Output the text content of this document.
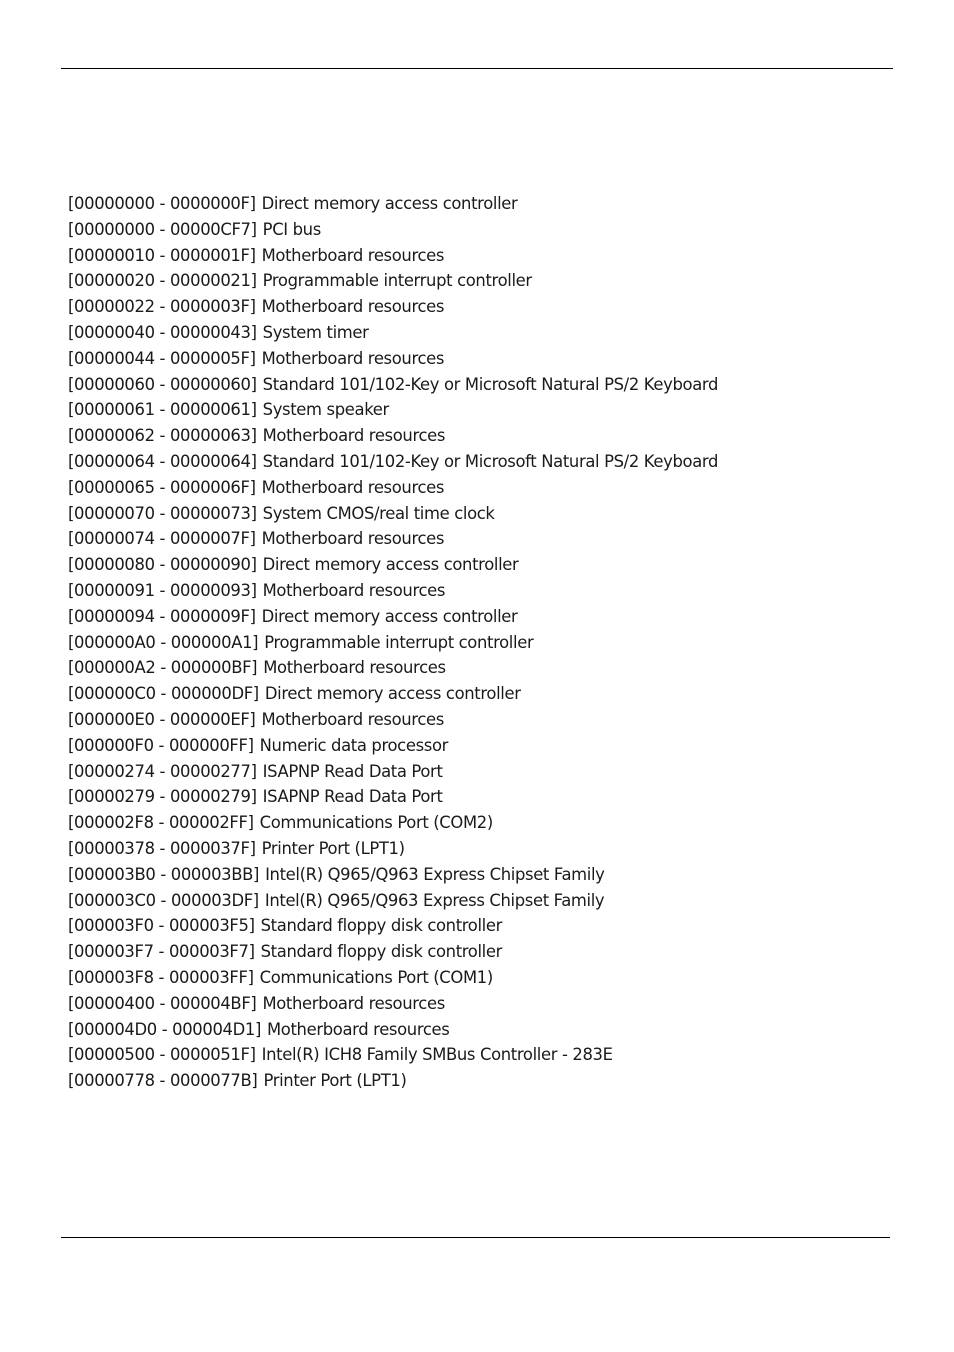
[00000000 - 0000000F] Direct memory access controller
[00000000 - 00000CF7] PCI bus
[00000010 - 0000001F] Motherboard resources
[00000020 - 00000021] Programmable interrupt controller
[00000022 - 0000003F] Motherboard resources
[00000040 - 00000043] System timer
[00000044 - 0000005F] Motherboard resources
[00000060 - 00000060] Standard 101/102-Key or Microsoft Natural PS/2 Keyboard
[00000061 - 00000061] System speaker
[00000062 - 00000063] Motherboard resources
[00000064 - 00000064] Standard 101/102-Key or Microsoft Natural PS/2 Keyboard
[00000065 - 0000006F] Motherboard resources
[00000070 - 00000073] System CMOS/real time clock
[00000074 - 0000007F] Motherboard resources
[00000080 - 00000090] Direct memory access controller
[00000091 - 00000093] Motherboard resources
[00000094 - 0000009F] Direct memory access controller
[000000A0 - 000000A1] Programmable interrupt controller
[000000A2 - 000000BF] Motherboard resources
[000000C0 - 000000DF] Direct memory access controller
[000000E0 - 000000EF] Motherboard resources
[000000F0 - 000000FF] Numeric data processor
[00000274 - 00000277] ISAPNP Read Data Port
[00000279 - 00000279] ISAPNP Read Data Port
[000002F8 - 000002FF] Communications Port (COM2)
[00000378 - 0000037F] Printer Port (LPT1)
[000003B0 - 000003BB] Intel(R) Q965/Q963 Express Chipset Family
[000003C0 - 000003DF] Intel(R) Q965/Q963 Express Chipset Family
[000003F0 - 000003F5] Standard floppy disk controller
[000003F7 - 000003F7] Standard floppy disk controller
[000003F8 - 000003FF] Communications Port (COM1)
[00000400 - 000004BF] Motherboard resources
[000004D0 - 000004D1] Motherboard resources
[00000500 - 0000051F] Intel(R) ICH8 Family SMBus Controller - 283E
[00000778 - 0000077B] Printer Port (LPT1)
